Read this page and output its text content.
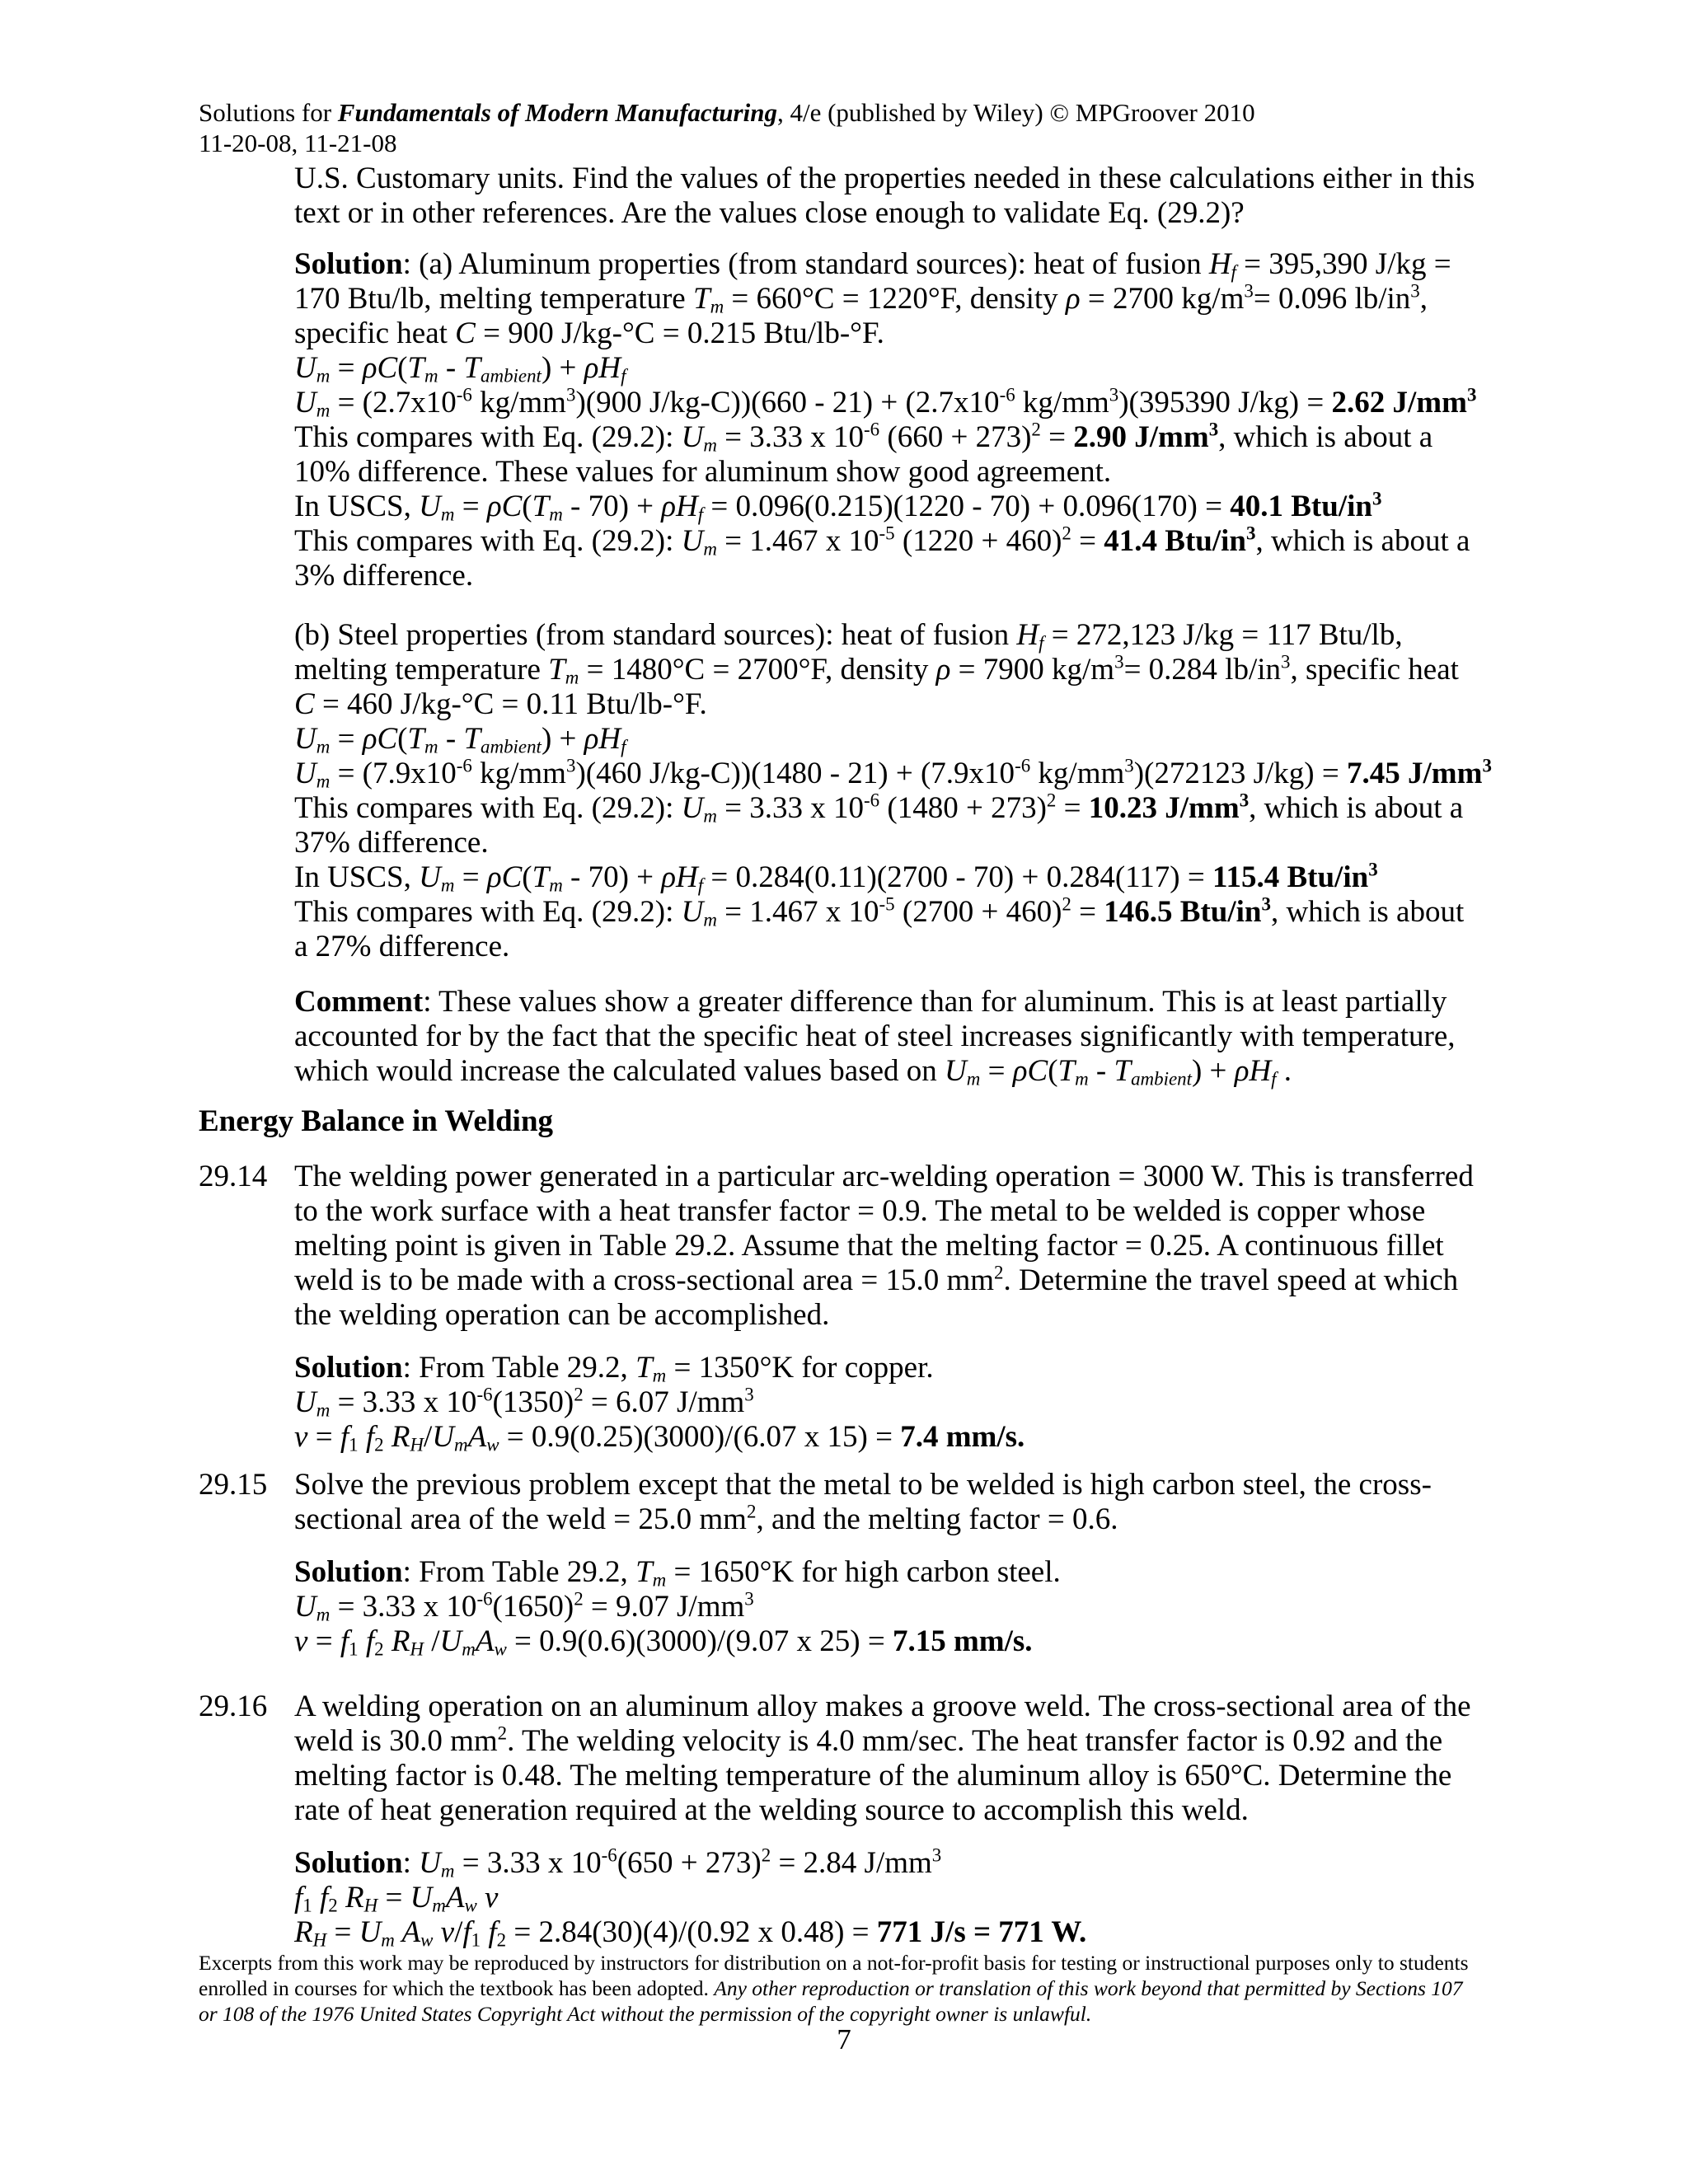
Solutions for Fundamentals of Modern Manufacturing, 4/e (published by Wiley) © MPGroover 2010
11-20-08, 11-21-08
U.S. Customary units. Find the values of the properties needed in these calculations either in this text or in other references. Are the values close enough to validate Eq. (29.2)?
Solution: (a) Aluminum properties (from standard sources): heat of fusion $H_f = 395,390$ J/kg = 170 Btu/lb, melting temperature $T_m = 660^\circ C = 1220^\circ F$, density ρ = 2700 $kg/m^3= 0.096$ $lb/in^3$, specific heat C = 900 J/kg-°C = 0.215 Btu/lb-°F.
$U_m = \rho C(T_m - T_{ambient}) + \rho H_f$
$U_m = (2.7x10^{-6}$ $kg/mm^3)(900$ $J/kg-C))(660 - 21) + (2.7x10^{-6}$ $kg/mm^3)(395390$ J/kg) = 2.62 $J/mm^3$
This compares with Eq. (29.2): $U_m = 3.33$ x $10^{-6}$ $(660 + 273)^2 = 2.90$ $J/mm^3$, which is about a 10% difference. These values for aluminum show good agreement.
In USCS, $U_m = \rho C(T_m - 70) + \rho H_f = 0.096(0.215)(1220 - 70) + 0.096(170) = 40.1$ Btu/$in^3$
This compares with Eq. (29.2): $U_m = 1.467$ x $10^{-5}$ $(1220 + 460)^2 = 41.4$ Btu/$in^3$, which is about a 3% difference.
(b) Steel properties (from standard sources): heat of fusion $H_f = 272,123$ J/kg = 117 Btu/lb, melting temperature $T_m = 1480^\circ C = 2700^\circ F$, density ρ = 7900 $kg/m^3= 0.284$ $lb/in^3$, specific heat C = 460 J/kg-°C = 0.11 Btu/lb-°F.
$U_m = \rho C(T_m - T_{ambient}) + \rho H_f$
$U_m = (7.9x10^{-6}$ $kg/mm^3)(460$ $J/kg-C))(1480 - 21) + (7.9x10^{-6}$ $kg/mm^3)(272123$ J/kg) = 7.45 $J/mm^3$
This compares with Eq. (29.2): $U_m = 3.33$ x $10^{-6}$ $(1480 + 273)^2 = 10.23$ $J/mm^3$, which is about a 37% difference.
In USCS, $U_m = \rho C(T_m - 70) + \rho H_f = 0.284(0.11)(2700 - 70) + 0.284(117) = 115.4$ Btu/$in^3$
This compares with Eq. (29.2): $U_m = 1.467$ x $10^{-5}$ $(2700 + 460)^2 = 146.5$ Btu/$in^3$, which is about a 27% difference.
Comment: These values show a greater difference than for aluminum. This is at least partially accounted for by the fact that the specific heat of steel increases significantly with temperature, which would increase the calculated values based on $U_m = \rho C(T_m - T_{ambient}) + \rho H_f$ .
Energy Balance in Welding
29.14 The welding power generated in a particular arc-welding operation = 3000 W. This is transferred to the work surface with a heat transfer factor = 0.9. The metal to be welded is copper whose melting point is given in Table 29.2. Assume that the melting factor = 0.25. A continuous fillet weld is to be made with a cross-sectional area = 15.0 $mm^2$. Determine the travel speed at which the welding operation can be accomplished.
Solution: From Table 29.2, $T_m = 1350^\circ K$ for copper.
$U_m = 3.33$ x $10^{-6}(1350)^2 = 6.07$ $J/mm^3$
$v = f_1$ $f_2$ $R_H/U_mA_w = 0.9(0.25)(3000)/(6.07$ x 15) = 7.4 mm/s.
29.15 Solve the previous problem except that the metal to be welded is high carbon steel, the cross-sectional area of the weld = 25.0 $mm^2$, and the melting factor = 0.6.
Solution: From Table 29.2, $T_m = 1650^\circ K$ for high carbon steel.
$U_m = 3.33$ x $10^{-6}(1650)^2 = 9.07$ $J/mm^3$
$v = f_1$ $f_2$ $R_H$ $/U_mA_w = 0.9(0.6)(3000)/(9.07$ x 25) = 7.15 mm/s.
29.16 A welding operation on an aluminum alloy makes a groove weld. The cross-sectional area of the weld is 30.0 $mm^2$. The welding velocity is 4.0 mm/sec. The heat transfer factor is 0.92 and the melting factor is 0.48. The melting temperature of the aluminum alloy is 650°C. Determine the rate of heat generation required at the welding source to accomplish this weld.
Solution: $U_m = 3.33$ x $10^{-6}(650 + 273)^2 = 2.84$ $J/mm^3$
$f_1$ $f_2$ $R_H = U_mA_w$ v
$R_H = U_m$ $A_w$ $v/f_1$ $f_2 = 2.84(30)(4)/(0.92$ x 0.48) = 771 J/s = 771 W.
Excerpts from this work may be reproduced by instructors for distribution on a not-for-profit basis for testing or instructional purposes only to students enrolled in courses for which the textbook has been adopted. Any other reproduction or translation of this work beyond that permitted by Sections 107 or 108 of the 1976 United States Copyright Act without the permission of the copyright owner is unlawful.
7
